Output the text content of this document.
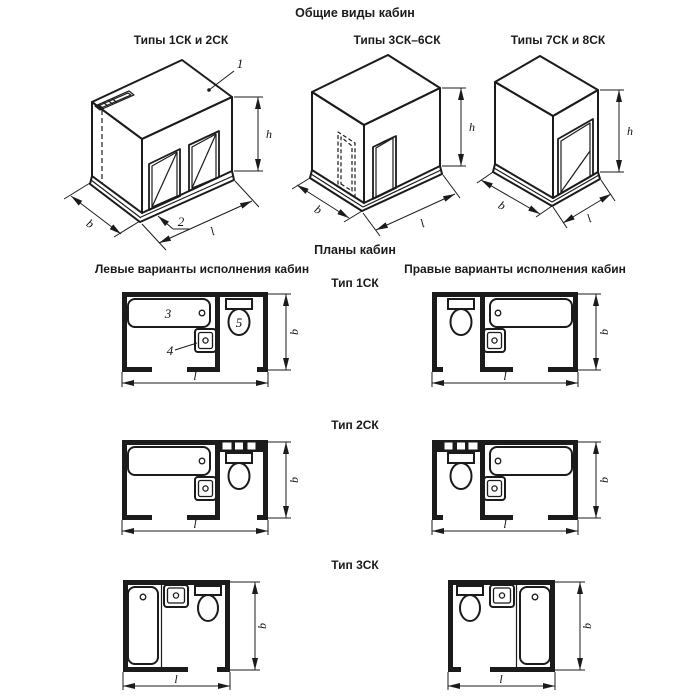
Общие виды кабин
Типы 1СК и 2СК	Типы 3СК–6СК	Типы 7СК и 8СК
1
2
h
b
l
h
b
l
h
b
l
Планы кабин
Левые варианты исполнения кабин	Правые варианты исполнения кабин
Тип 1СК
Тип 2СК
Тип 3СК
3
4
5
b
l
b
l
b
l
b
l
b
l
b
l
